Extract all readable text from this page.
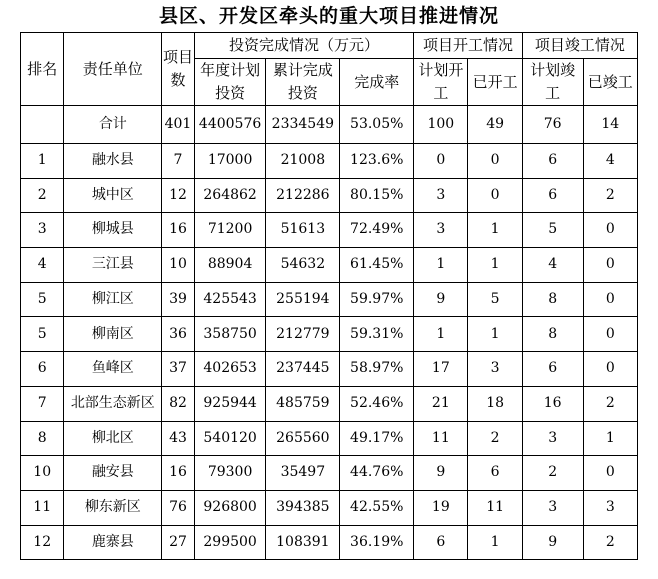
县区、开发区牵头的重大项目推进情况
排名	责任单位	项目数	投资完成情况（万元）			项目开工情况		项目竣工情况	
			年度计划投资	累计完成投资	完成率	计划开工	已开工	计划竣工	已竣工
	合计	401	4400576	2334549	53.05%	100	49	76	14
1	融水县	7	17000	21008	123.6%	0	0	6	4
2	城中区	12	264862	212286	80.15%	3	0	6	2
3	柳城县	16	71200	51613	72.49%	3	1	5	0
4	三江县	10	88904	54632	61.45%	1	1	4	0
5	柳江区	39	425543	255194	59.97%	9	5	8	0
5	柳南区	36	358750	212779	59.31%	1	1	8	0
6	鱼峰区	37	402653	237445	58.97%	17	3	6	0
7	北部生态新区	82	925944	485759	52.46%	21	18	16	2
8	柳北区	43	540120	265560	49.17%	11	2	3	1
10	融安县	16	79300	35497	44.76%	9	6	2	0
11	柳东新区	76	926800	394385	42.55%	19	11	3	3
12	鹿寨县	27	299500	108391	36.19%	6	1	9	2
